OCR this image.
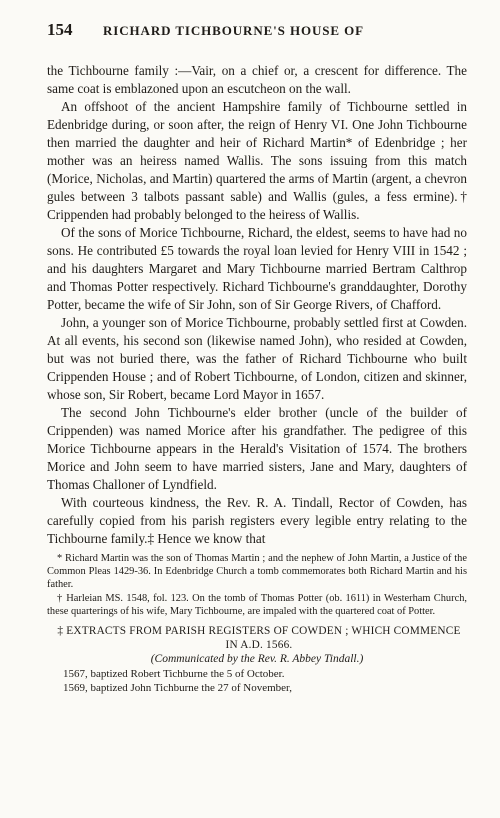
154	RICHARD TICHBOURNE'S HOUSE OF

the Tichbourne family :—Vair, on a chief or, a crescent for difference. The same coat is emblazoned upon an escutcheon on the wall.

An offshoot of the ancient Hampshire family of Tichbourne settled in Edenbridge during, or soon after, the reign of Henry VI. One John Tichbourne then married the daughter and heir of Richard Martin* of Edenbridge ; her mother was an heiress named Wallis. The sons issuing from this match (Morice, Nicholas, and Martin) quartered the arms of Martin (argent, a chevron gules between 3 talbots passant sable) and Wallis (gules, a fess ermine).† Crippenden had probably belonged to the heiress of Wallis.

Of the sons of Morice Tichbourne, Richard, the eldest, seems to have had no sons. He contributed £5 towards the royal loan levied for Henry VIII in 1542 ; and his daughters Margaret and Mary Tichbourne married Bertram Calthrop and Thomas Potter respectively. Richard Tichbourne's granddaughter, Dorothy Potter, became the wife of Sir John, son of Sir George Rivers, of Chafford.

John, a younger son of Morice Tichbourne, probably settled first at Cowden. At all events, his second son (likewise named John), who resided at Cowden, but was not buried there, was the father of Richard Tichbourne who built Crippenden House ; and of Robert Tichbourne, of London, citizen and skinner, whose son, Sir Robert, became Lord Mayor in 1657.

The second John Tichbourne's elder brother (uncle of the builder of Crippenden) was named Morice after his grandfather. The pedigree of this Morice Tichbourne appears in the Herald's Visitation of 1574. The brothers Morice and John seem to have married sisters, Jane and Mary, daughters of Thomas Challoner of Lyndfield.

With courteous kindness, the Rev. R. A. Tindall, Rector of Cowden, has carefully copied from his parish registers every legible entry relating to the Tichbourne family.‡ Hence we know that

* Richard Martin was the son of Thomas Martin ; and the nephew of John Martin, a Justice of the Common Pleas 1429-36. In Edenbridge Church a tomb commemorates both Richard Martin and his father.

† Harleian MS. 1548, fol. 123. On the tomb of Thomas Potter (ob. 1611) in Westerham Church, these quarterings of his wife, Mary Tichbourne, are impaled with the quartered coat of Potter.

‡ EXTRACTS FROM PARISH REGISTERS OF COWDEN ; WHICH COMMENCE IN A.D. 1566.
(Communicated by the Rev. R. Abbey Tindall.)

1567, baptized Robert Tichburne the 5 of October.

1569, baptized John Tichburne the 27 of November,
